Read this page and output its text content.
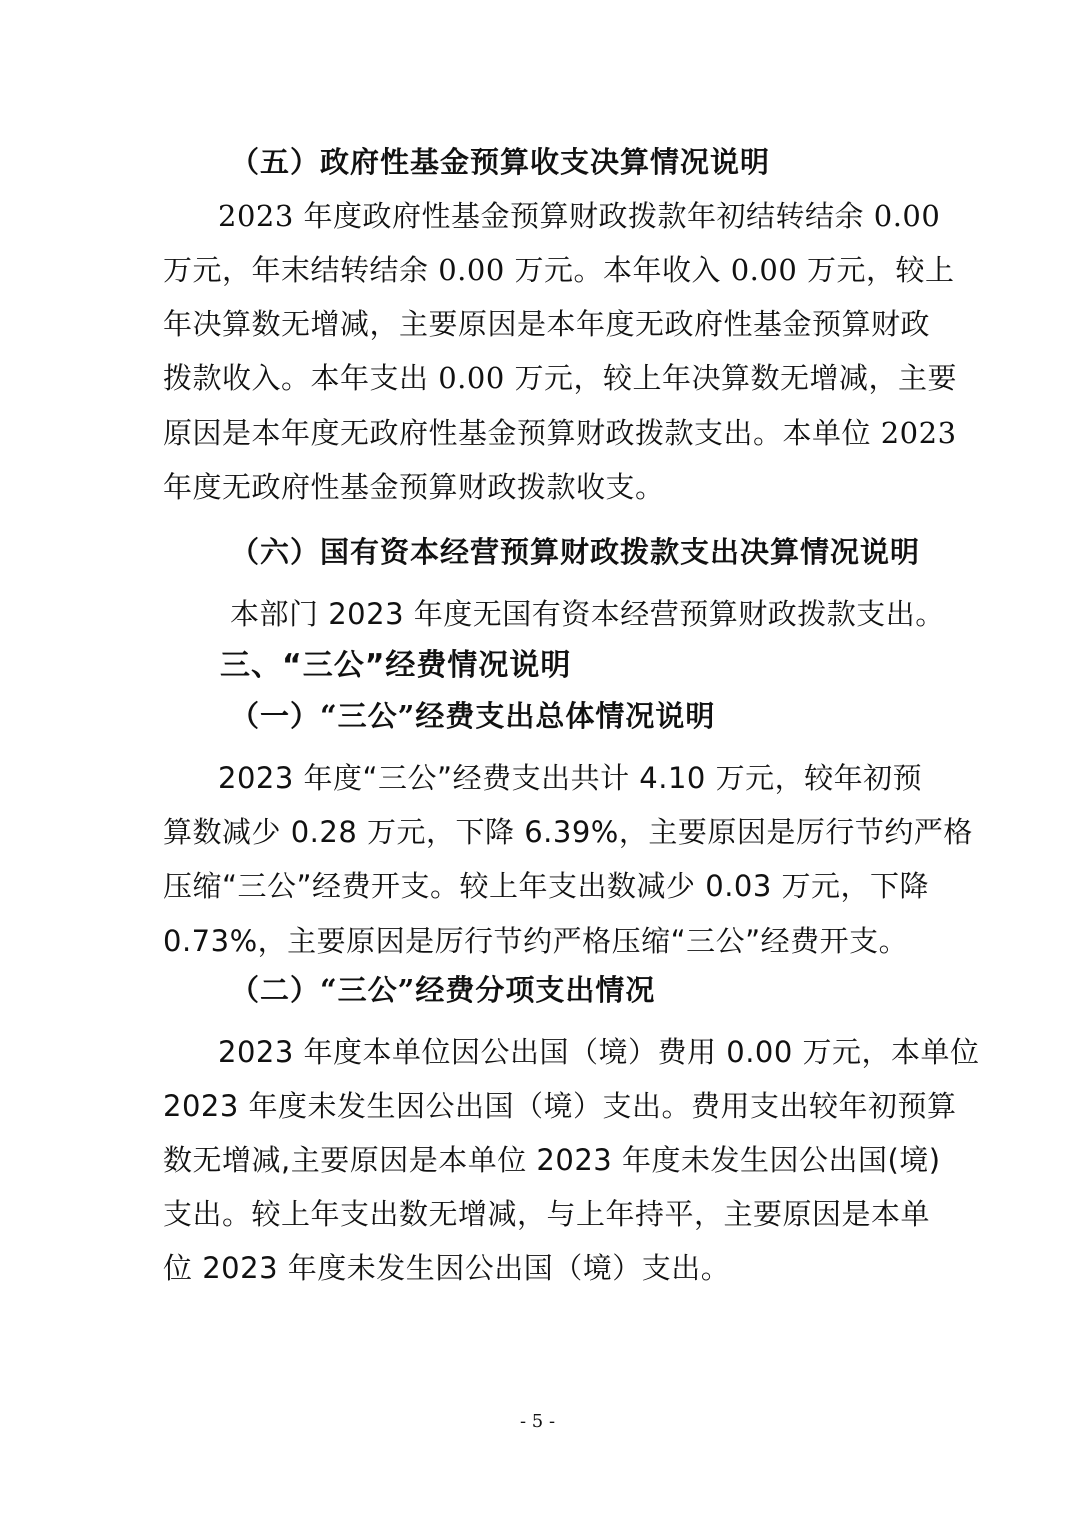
（五）政府性基金预算收支决算情况说明
2023 年度政府性基金预算财政拨款年初结转结余 0.00
万元，年末结转结余 0.00 万元。本年收入 0.00 万元，较上
年决算数无增减，主要原因是本年度无政府性基金预算财政
拨款收入。本年支出 0.00 万元，较上年决算数无增减，主要
原因是本年度无政府性基金预算财政拨款支出。本单位 2023
年度无政府性基金预算财政拨款收支。
（六）国有资本经营预算财政拨款支出决算情况说明
本部门 2023 年度无国有资本经营预算财政拨款支出。
三、“三公”经费情况说明
（一）“三公”经费支出总体情况说明
2023 年度“三公”经费支出共计 4.10 万元，较年初预
算数减少 0.28 万元，下降 6.39%，主要原因是厉行节约严格
压缩“三公”经费开支。较上年支出数减少 0.03 万元，下降
0.73%，主要原因是厉行节约严格压缩“三公”经费开支。
（二）“三公”经费分项支出情况
2023 年度本单位因公出国（境）费用 0.00 万元，本单位
2023 年度未发生因公出国（境）支出。费用支出较年初预算
数无增减,主要原因是本单位 2023 年度未发生因公出国(境)
支出。较上年支出数无增减，与上年持平，主要原因是本单
位 2023 年度未发生因公出国（境）支出。
- 5 -
